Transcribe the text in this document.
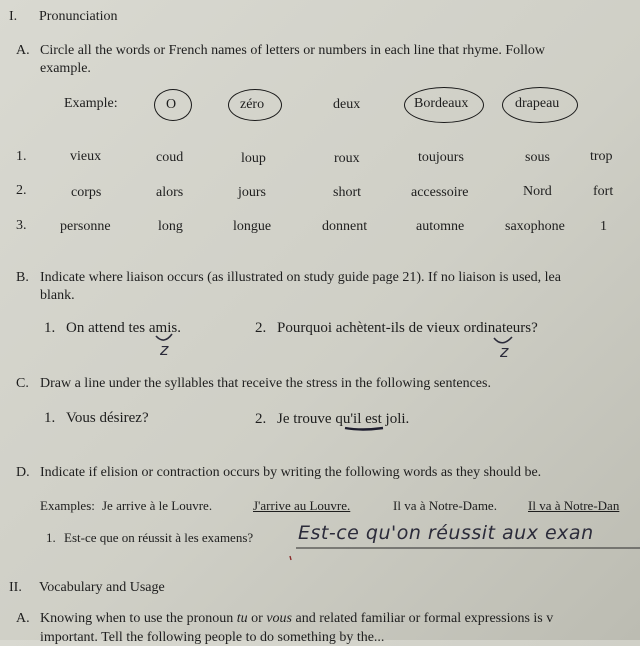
I. Pronunciation
A. Circle all the words or French names of letters or numbers in each line that rhyme. Follow
example.
Example:	O	zéro	deux	Bordeaux	drapeau
1.	vieux	coud	loup	roux	toujours	sous	trop
2.	corps	alors	jours	short	accessoire	Nord	fort
3. personne	long	longue	donnent	automne	saxophone	1
B. Indicate where liaison occurs (as illustrated on study guide page 21). If no liaison is used, lea
blank.
1. On attend tes amis.	2. Pourquoi achètent-ils de vieux ordinateurs?
z	z
C. Draw a line under the syllables that receive the stress in the following sentences.
1. Vous désirez?	2. Je trouve qu'il est joli.
D. Indicate if elision or contraction occurs by writing the following words as they should be.
Examples: Je arrive à le Louvre.	J'arrive au Louvre.	Il va à Notre-Dame. Il va à Notre-Dan
1. Est-ce que on réussit à les examens? Est-ce qu'on réussit aux exan
II. Vocabulary and Usage
A. Knowing when to use the pronoun tu or vous and related familiar or formal expressions is v
important. Tell the following people to do something by the...
